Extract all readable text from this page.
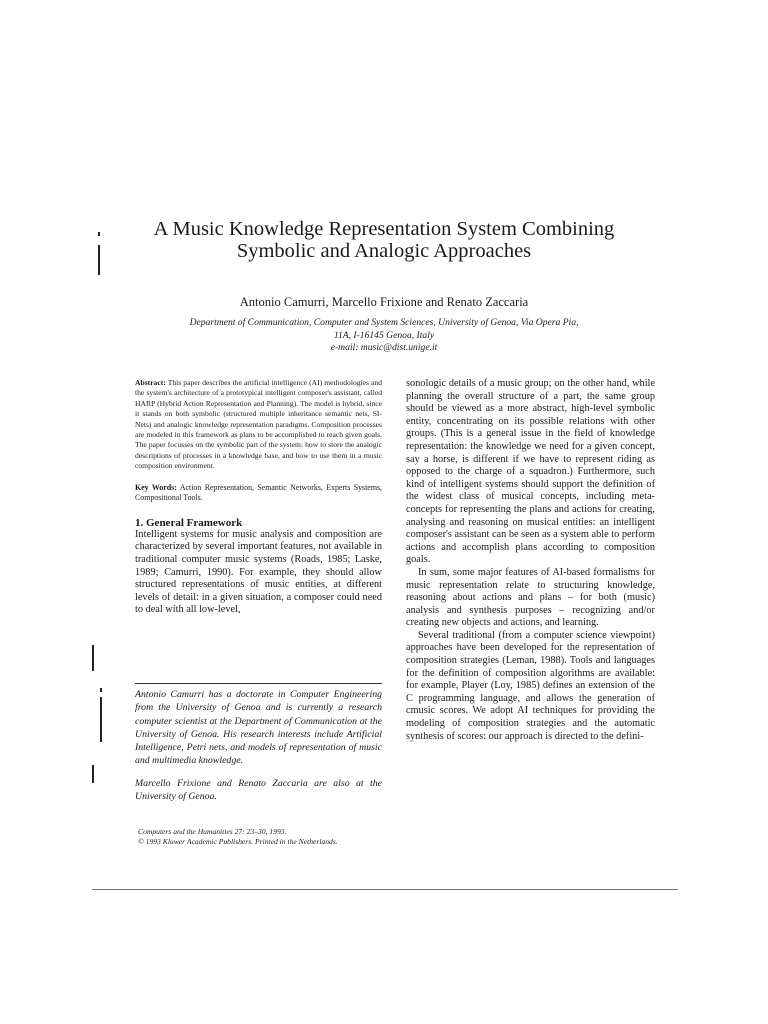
A Music Knowledge Representation System Combining
Symbolic and Analogic Approaches
Antonio Camurri, Marcello Frixione and Renato Zaccaria
Department of Communication, Computer and System Sciences, University of Genoa, Via Opera Pia,
11A, I-16145 Genoa, Italy
e-mail: music@dist.unige.it

Abstract: This paper describes the artificial intelligence (AI) methodologies and the system's architecture of a prototypical intelligent composer's assistant, called HARP (Hybrid Action Representation and Planning). The model is hybrid, since it stands on both symbolic (structured multiple inheritance semantic nets, SI-Nets) and analogic knowledge representation paradigms. Composition processes are modeled in this framework as plans to be accomplished to reach given goals. The paper focusses on the symbolic part of the system: how to store the analogic descriptions of processes in a knowledge base, and how to use them in a music composition environment.

Key Words: Action Representation, Semantic Networks, Experts Systems, Compositional Tools.

1. General Framework

Intelligent systems for music analysis and composition are characterized by several important features, not available in traditional computer music systems (Roads, 1985; Laske, 1989; Camurri, 1990). For example, they should allow structured representations of music entities, at different levels of detail: in a given situation, a composer could need to deal with all low-level,

Antonio Camurri has a doctorate in Computer Engineering from the University of Genoa and is currently a research computer scientist at the Department of Communication at the University of Genoa. His research interests include Artificial Intelligence, Petri nets, and models of representation of music and multimedia knowledge.

Marcello Frixione and Renato Zaccaria are also at the University of Genoa.

Computers and the Humanities 27: 23–30, 1993.
© 1993 Kluwer Academic Publishers. Printed in the Netherlands.

sonologic details of a music group; on the other hand, while planning the overall structure of a part, the same group should be viewed as a more abstract, high-level symbolic entity, concentrating on its possible relations with other groups. (This is a general issue in the field of knowledge representation: the knowledge we need for a given concept, say a horse, is different if we have to represent riding as opposed to the charge of a squadron.) Furthermore, such kind of intelligent systems should support the definition of the widest class of musical concepts, including meta-concepts for representing the plans and actions for creating, analysing and reasoning on musical entities: an intelligent composer's assistant can be seen as a system able to perform actions and accomplish plans according to composition goals.

In sum, some major features of AI-based formalisms for music representation relate to structuring knowledge, reasoning about actions and plans – for both (music) analysis and synthesis purposes – recognizing and/or creating new objects and actions, and learning.

Several traditional (from a computer science viewpoint) approaches have been developed for the representation of composition strategies (Leman, 1988). Tools and languages for the definition of composition algorithms are available: for example, Player (Loy, 1985) defines an extension of the C programming language, and allows the generation of cmusic scores. We adopt AI techniques for providing the modeling of composition strategies and the automatic synthesis of scores: our approach is directed to the defini-
